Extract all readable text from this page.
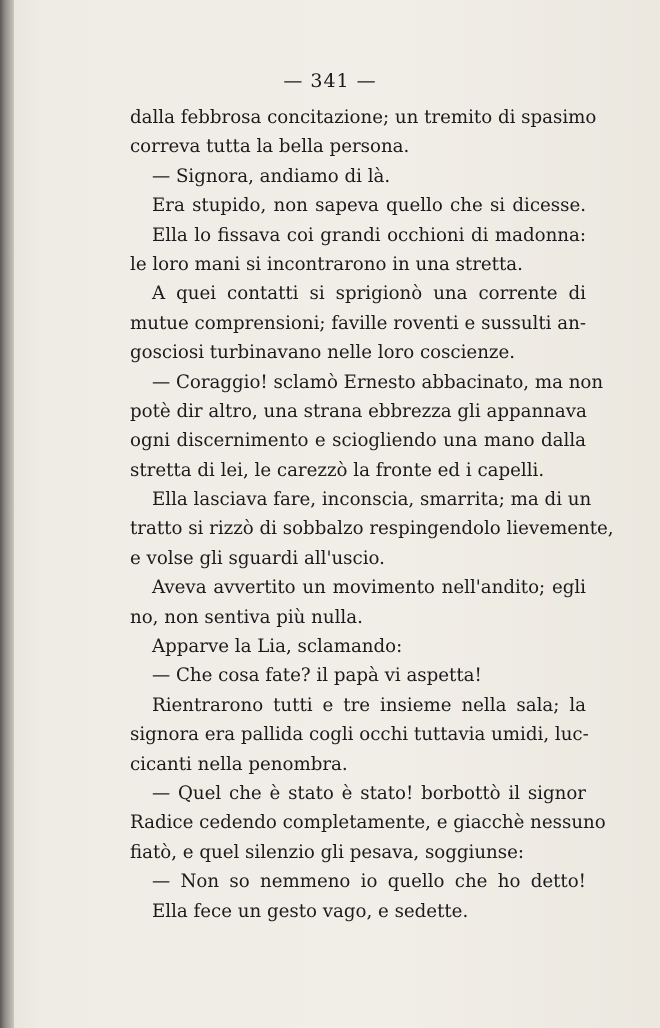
— 341 —
dalla febbrosa concitazione; un tremito di spasimo
correva tutta la bella persona.
— Signora, andiamo di là.
Era stupido, non sapeva quello che si dicesse.
Ella lo fissava coi grandi occhioni di madonna:
le loro mani si incontrarono in una stretta.
A quei contatti si sprigionò una corrente di
mutue comprensioni; faville roventi e sussulti an-
gosciosi turbinavano nelle loro coscienze.
— Coraggio! sclamò Ernesto abbacinato, ma non
potè dir altro, una strana ebbrezza gli appannava
ogni discernimento e sciogliendo una mano dalla
stretta di lei, le carezzò la fronte ed i capelli.
Ella lasciava fare, inconscia, smarrita; ma di un
tratto si rizzò di sobbalzo respingendolo lievemente,
e volse gli sguardi all'uscio.
Aveva avvertito un movimento nell'andito; egli
no, non sentiva più nulla.
Apparve la Lia, sclamando:
— Che cosa fate? il papà vi aspetta!
Rientrarono tutti e tre insieme nella sala; la
signora era pallida cogli occhi tuttavia umidi, luc-
cicanti nella penombra.
— Quel che è stato è stato! borbottò il signor
Radice cedendo completamente, e giacchè nessuno
fiatò, e quel silenzio gli pesava, soggiunse:
— Non so nemmeno io quello che ho detto!
Ella fece un gesto vago, e sedette.
